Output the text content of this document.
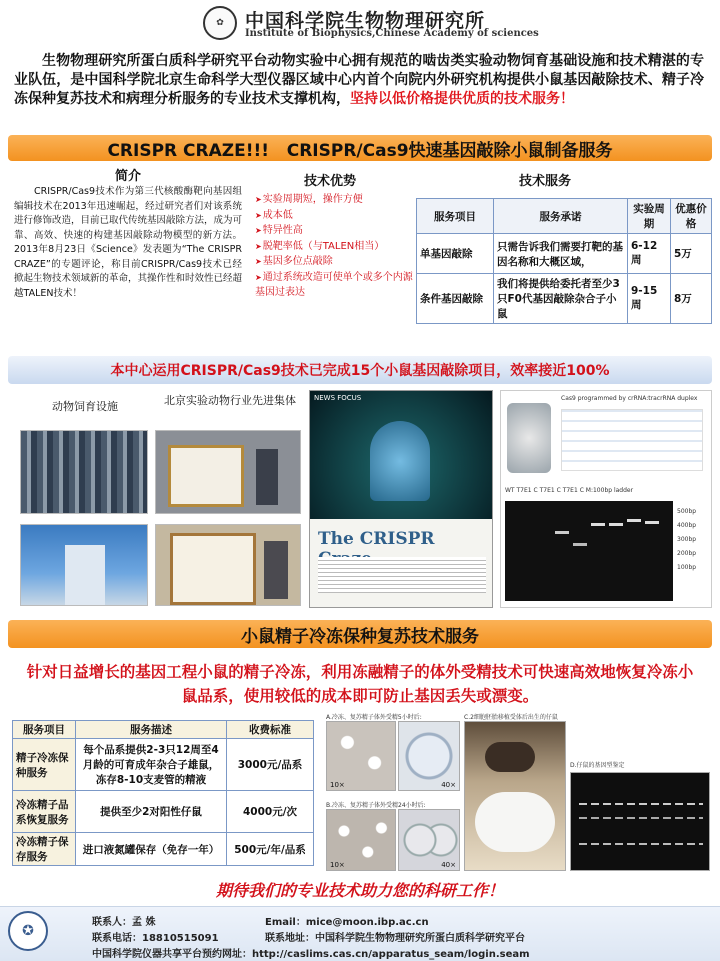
✿	中国科学院生物物理研究所
Institute of Biophysics,Chinese Academy of sciences
生物物理研究所蛋白质科学研究平台动物实验中心拥有规范的啮齿类实验动物饲育基础设施和技术精湛的专业队伍，是中国科学院北京生命科学大型仪器区域中心内首个向院内外研究机构提供小鼠基因敲除技术、精子冷冻保种复苏技术和病理分析服务的专业技术支撑机构，坚持以低价格提供优质的技术服务！
CRISPR CRAZE!!!   CRISPR/Cas9快速基因敲除小鼠制备服务
简介
CRISPR/Cas9技术作为第三代核酸酶靶向基因组编辑技术在2013年迅速崛起，经过研究者们对该系统进行修饰改造，目前已取代传统基因敲除方法，成为可靠、高效、快速的构建基因敲除动物模型的新方法。2013年8月23日《Science》发表题为“The CRISPR CRAZE”的专题评论，称目前CRISPR/Cas9技术已经掀起生物技术领域新的革命，其操作性和时效性已经超越TALEN技术！
技术优势
➤ 实验周期短，操作方便
➤ 成本低
➤ 特异性高
➤ 脱靶率低（与TALEN相当）
➤ 基因多位点敲除
➤ 通过系统改造可使单个或多个内源基因过表达
技术服务
服务项目	服务承诺	实验周期	优惠价格
单基因敲除	只需告诉我们需要打靶的基因名称和大概区域，	6-12周	5万
条件基因敲除	我们将提供给委托者至少3只F0代基因敲除杂合子小鼠	9-15周	8万
本中心运用CRISPR/Cas9技术已完成15个小鼠基因敲除项目，效率接近100%
动物饲育设施	北京实验动物行业先进集体	NEWS FOCUS
The CRISPR
Cas9 programmed by crRNA:tracrRNA duplex
WT T7E1 C T7E1 C T7E1 C M:100bp ladder
500bp
400bp
300bp
200bp
100bp
小鼠精子冷冻保种复苏技术服务
针对日益增长的基因工程小鼠的精子冷冻，利用冻融精子的体外受精技术可快速高效地恢复冷冻小鼠品系，使用较低的成本即可防止基因丢失或漂变。
服务项目	服务描述	收费标准
精子冷冻保种服务	每个品系提供2-3只12周至4月龄的可育成年杂合子雄鼠，冻存8-10支麦管的精液	3000元/品系
冷冻精子品系恢复服务	提供至少2对阳性仔鼠	4000元/次
冷冻精子保存服务	进口液氮罐保存（免存一年）	500元/年/品系
A.冷冻、复苏精子体外受精5小时后:
10×	40×
B.冷冻、复苏精子体外受精24小时后:
10×	40×
C.2细胞胚胎移植受体后出生的仔鼠
D.仔鼠的基因型鉴定
期待我们的专业技术助力您的科研工作！
✪
联系人：孟 姝
联系电话：18810515091
Email：mice@moon.ibp.ac.cn
联系地址：中国科学院生物物理研究所蛋白质科学研究平台
中国科学院仪器共享平台预约网址：http://caslims.cas.cn/apparatus_seam/login.seam
